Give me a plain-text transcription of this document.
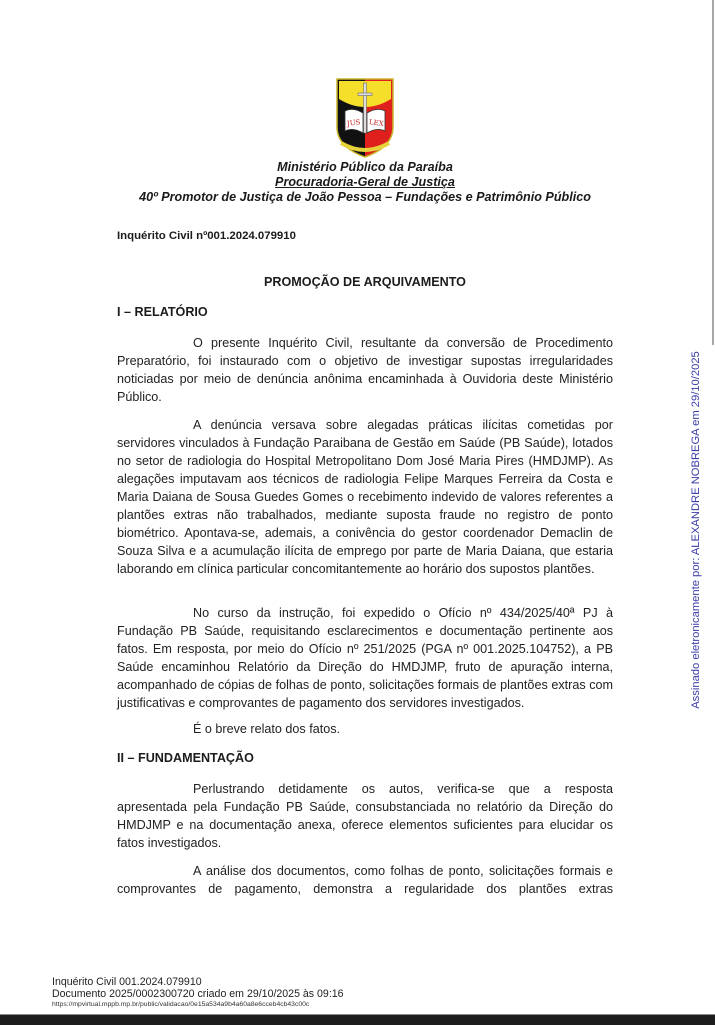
JUS LEX
Ministério Público da Paraíba
Procuradoria-Geral de Justiça
40º Promotor de Justiça de João Pessoa – Fundações e Patrimônio Público
Inquérito Civil nº001.2024.079910
PROMOÇÃO DE ARQUIVAMENTO
I – RELATÓRIO
O presente Inquérito Civil, resultante da conversão de Procedimento Preparatório, foi instaurado com o objetivo de investigar supostas irregularidades noticiadas por meio de denúncia anônima encaminhada à Ouvidoria deste Ministério Público.
A denúncia versava sobre alegadas práticas ilícitas cometidas por servidores vinculados à Fundação Paraibana de Gestão em Saúde (PB Saúde), lotados no setor de radiologia do Hospital Metropolitano Dom José Maria Pires (HMDJMP). As alegações imputavam aos técnicos de radiologia Felipe Marques Ferreira da Costa e Maria Daiana de Sousa Guedes Gomes o recebimento indevido de valores referentes a plantões extras não trabalhados, mediante suposta fraude no registro de ponto biométrico. Apontava-se, ademais, a conivência do gestor coordenador Demaclin de Souza Silva e a acumulação ilícita de emprego por parte de Maria Daiana, que estaria laborando em clínica particular concomitantemente ao horário dos supostos plantões.
No curso da instrução, foi expedido o Ofício nº 434/2025/40ª PJ à Fundação PB Saúde, requisitando esclarecimentos e documentação pertinente aos fatos. Em resposta, por meio do Ofício nº 251/2025 (PGA nº 001.2025.104752), a PB Saúde encaminhou Relatório da Direção do HMDJMP, fruto de apuração interna, acompanhado de cópias de folhas de ponto, solicitações formais de plantões extras com justificativas e comprovantes de pagamento dos servidores investigados.
É o breve relato dos fatos.
II – FUNDAMENTAÇÃO
Perlustrando detidamente os autos, verifica-se que a resposta apresentada pela Fundação PB Saúde, consubstanciada no relatório da Direção do HMDJMP e na documentação anexa, oferece elementos suficientes para elucidar os fatos investigados.
A análise dos documentos, como folhas de ponto, solicitações formais e comprovantes de pagamento, demonstra a regularidade dos plantões extras
Assinado eletronicamente por: ALEXANDRE NOBREGA em 29/10/2025
Inquérito Civil 001.2024.079910
Documento 2025/0002300720 criado em 29/10/2025 às 09:16
https://mpvirtual.mppb.mp.br/public/validacao/0e15a534a9b4a60a8e6cceb4cb43c00c
